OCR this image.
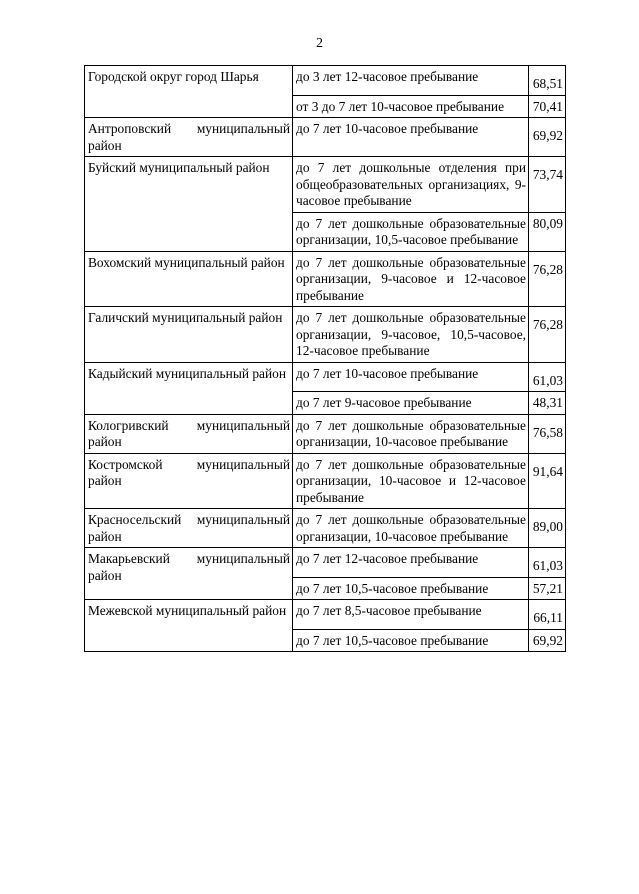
2
Городской округ город Шарья	до 3 лет 12-часовое пребывание	68,51
	от 3 до 7 лет 10-часовое пребывание	70,41
Антроповский муниципальный район	до 7 лет 10-часовое пребывание	69,92
Буйский муниципальный район	до 7 лет дошкольные отделения при общеобразовательных организациях, 9-часовое пребывание	73,74
	до 7 лет дошкольные образовательные организации, 10,5-часовое пребывание	80,09
Вохомский муниципальный район	до 7 лет дошкольные образовательные организации, 9-часовое и 12-часовое пребывание	76,28
Галичский муниципальный район	до 7 лет дошкольные образовательные организации, 9-часовое, 10,5-часовое, 12-часовое пребывание	76,28
Кадыйский муниципальный район	до 7 лет 10-часовое пребывание	61,03
	до 7 лет 9-часовое пребывание	48,31
Кологривский муниципальный район	до 7 лет дошкольные образовательные организации, 10-часовое пребывание	76,58
Костромской муниципальный район	до 7 лет дошкольные образовательные организации, 10-часовое и 12-часовое пребывание	91,64
Красносельский муниципальный район	до 7 лет дошкольные образовательные организации, 10-часовое пребывание	89,00
Макарьевский муниципальный район	до 7 лет 12-часовое пребывание	61,03
	до 7 лет 10,5-часовое пребывание	57,21
Межевской муниципальный район	до 7 лет 8,5-часовое пребывание	66,11
	до 7 лет 10,5-часовое пребывание	69,92
